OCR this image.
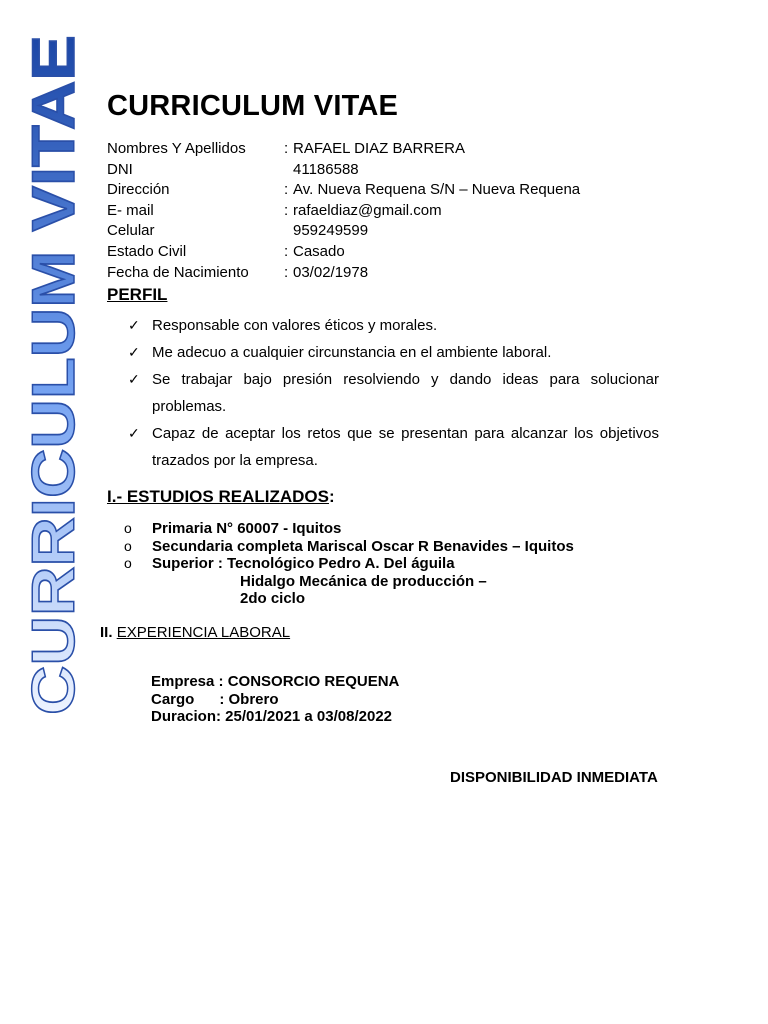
CURRICULUM VITAE
CURRICULUM VITAE
Nombres Y Apellidos	: RAFAEL DIAZ BARRERA
DNI	41186588
Dirección	: Av. Nueva Requena S/N – Nueva Requena
E- mail	: rafaeldiaz@gmail.com
Celular	959249599
Estado Civil	: Casado
Fecha de Nacimiento	: 03/02/1978
PERFIL
✓ Responsable con valores éticos y morales.
✓ Me adecuo a cualquier circunstancia en el ambiente laboral.
✓ Se trabajar bajo presión resolviendo y dando ideas para solucionar problemas.
✓ Capaz de aceptar los retos que se presentan para alcanzar los objetivos trazados por la empresa.
I.- ESTUDIOS REALIZADOS:
o	Primaria N° 60007 - Iquitos
o	Secundaria completa Mariscal Oscar R Benavides – Iquitos
o	Superior : Tecnológico Pedro A. Del águila
Hidalgo Mecánica de producción –
2do ciclo
II. EXPERIENCIA LABORAL
Empresa : CONSORCIO REQUENA
Cargo      : Obrero
Duracion: 25/01/2021 a 03/08/2022
DISPONIBILIDAD INMEDIATA
